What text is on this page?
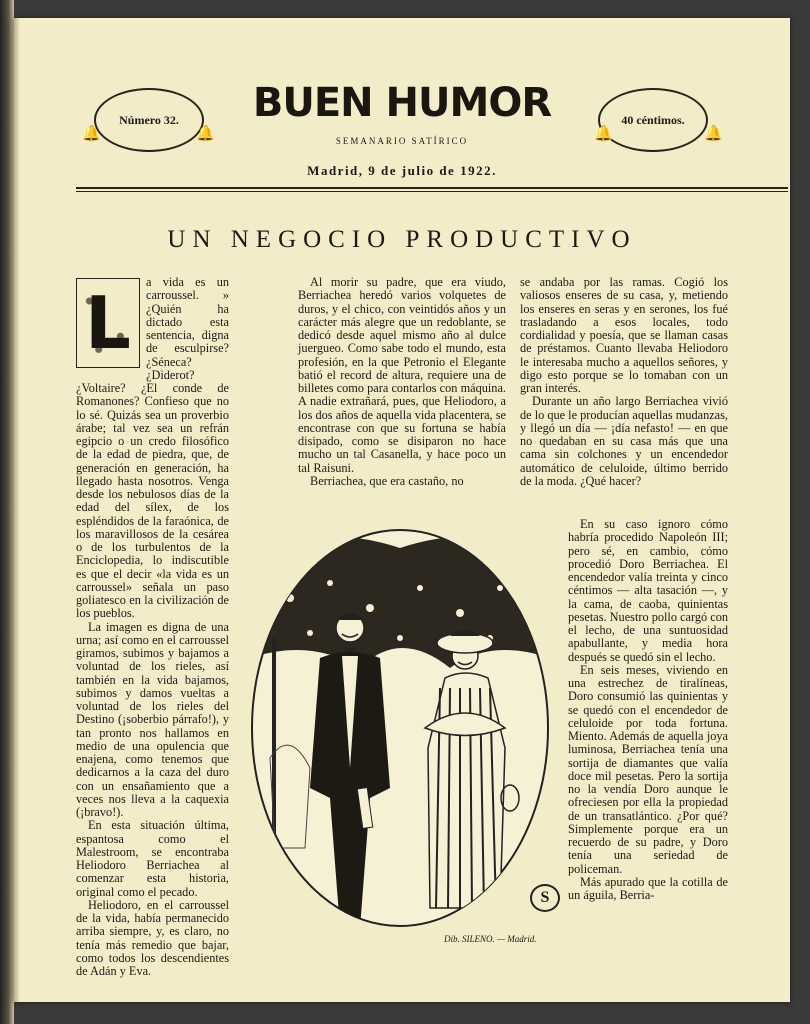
Número 32.
🔔	🔔
40 céntimos.
🔔	🔔
BUEN HUMOR
SEMANARIO SATÍRICO
Madrid, 9 de julio de 1922.
UN NEGOCIO PRODUCTIVO
L	a vida es un carroussel. » ¿Quién ha dictado esta sentencia, digna de esculpirse? ¿Séneca? ¿Diderot? ¿Voltaire? ¿El conde de Romanones? Confieso que no lo sé. Quizás sea un proverbio árabe; tal vez sea un refrán egipcio o un credo filosófico de la edad de piedra, que, de generación en generación, ha llegado hasta nosotros. Venga desde los nebulosos días de la edad del sílex, de los espléndidos de la faraónica, de los maravillosos de la cesárea o de los turbulentos de la Enciclopedia, lo indiscutible es que el decir «la vida es un carroussel» señala un paso goliatesco en la civilización de los pueblos.

La imagen es digna de una urna; así como en el carroussel giramos, subimos y bajamos a voluntad de los rieles, así también en la vida bajamos, subimos y damos vueltas a voluntad de los rieles del Destino (¡soberbio párrafo!), y tan pronto nos hallamos en medio de una opulencia que enajena, como tenemos que dedicarnos a la caza del duro con un ensañamiento que a veces nos lleva a la caquexia (¡bravo!).

En esta situación última, espantosa como el Malestroom, se encontraba Heliodoro Berriachea al comenzar esta historia, original como el pecado.

Heliodoro, en el carroussel de la vida, había permanecido arriba siempre, y, es claro, no tenía más remedio que bajar, como todos los descendientes de Adán y Eva.

Al morir su padre, que era viudo, Berriachea heredó varios volquetes de duros, y el chico, con veintidós años y un carácter más alegre que un redoblante, se dedicó desde aquel mismo año al dulce juergueo. Como sabe todo el mundo, esta profesión, en la que Petronio el Elegante batió el record de altura, requiere una de billetes como para contarlos con máquina. A nadie extrañará, pues, que Heliodoro, a los dos años de aquella vida placentera, se encontrase con que su fortuna se había disipado, como se disiparon no hace mucho un tal Casanella, y hace poco un tal Raisuni.

Berriachea, que era castaño, no

se andaba por las ramas. Cogió los valiosos enseres de su casa, y, metiendo los enseres en seras y en serones, los fué trasladando a esos locales, todo cordialidad y poesía, que se llaman casas de préstamos. Cuanto llevaba Heliodoro le interesaba mucho a aquellos señores, y digo esto porque se lo tomaban con un gran interés.

Durante un año largo Berriachea vivió de lo que le producían aquellas mudanzas, y llegó un día — ¡día nefasto! — en que no quedaban en su casa más que una cama sin colchones y un encendedor automático de celuloide, último berrido de la moda. ¿Qué hacer?

En su caso ignoro cómo habría procedido Napoleón III; pero sé, en cambio, cómo procedió Doro Berriachea. El encendedor valía treinta y cinco céntimos — alta tasación —, y la cama, de caoba, quinientas pesetas. Nuestro pollo cargó con el lecho, de una suntuosidad apabullante, y media hora después se quedó sin el lecho.

En seis meses, viviendo en una estrechez de tiralíneas, Doro consumió las quinientas y se quedó con el encendedor de celuloide por toda fortuna. Miento. Además de aquella joya luminosa, Berriachea tenía una sortija de diamantes que valía doce mil pesetas. Pero la sortija no la vendía Doro aunque le ofreciesen por ella la propiedad de un transatlántico. ¿Por qué? Simplemente porque era un recuerdo de su padre, y Doro tenía una seriedad de policeman.

Más apurado que la cotilla de un águila, Berria-

S
Dib. SILENO. — Madrid.
